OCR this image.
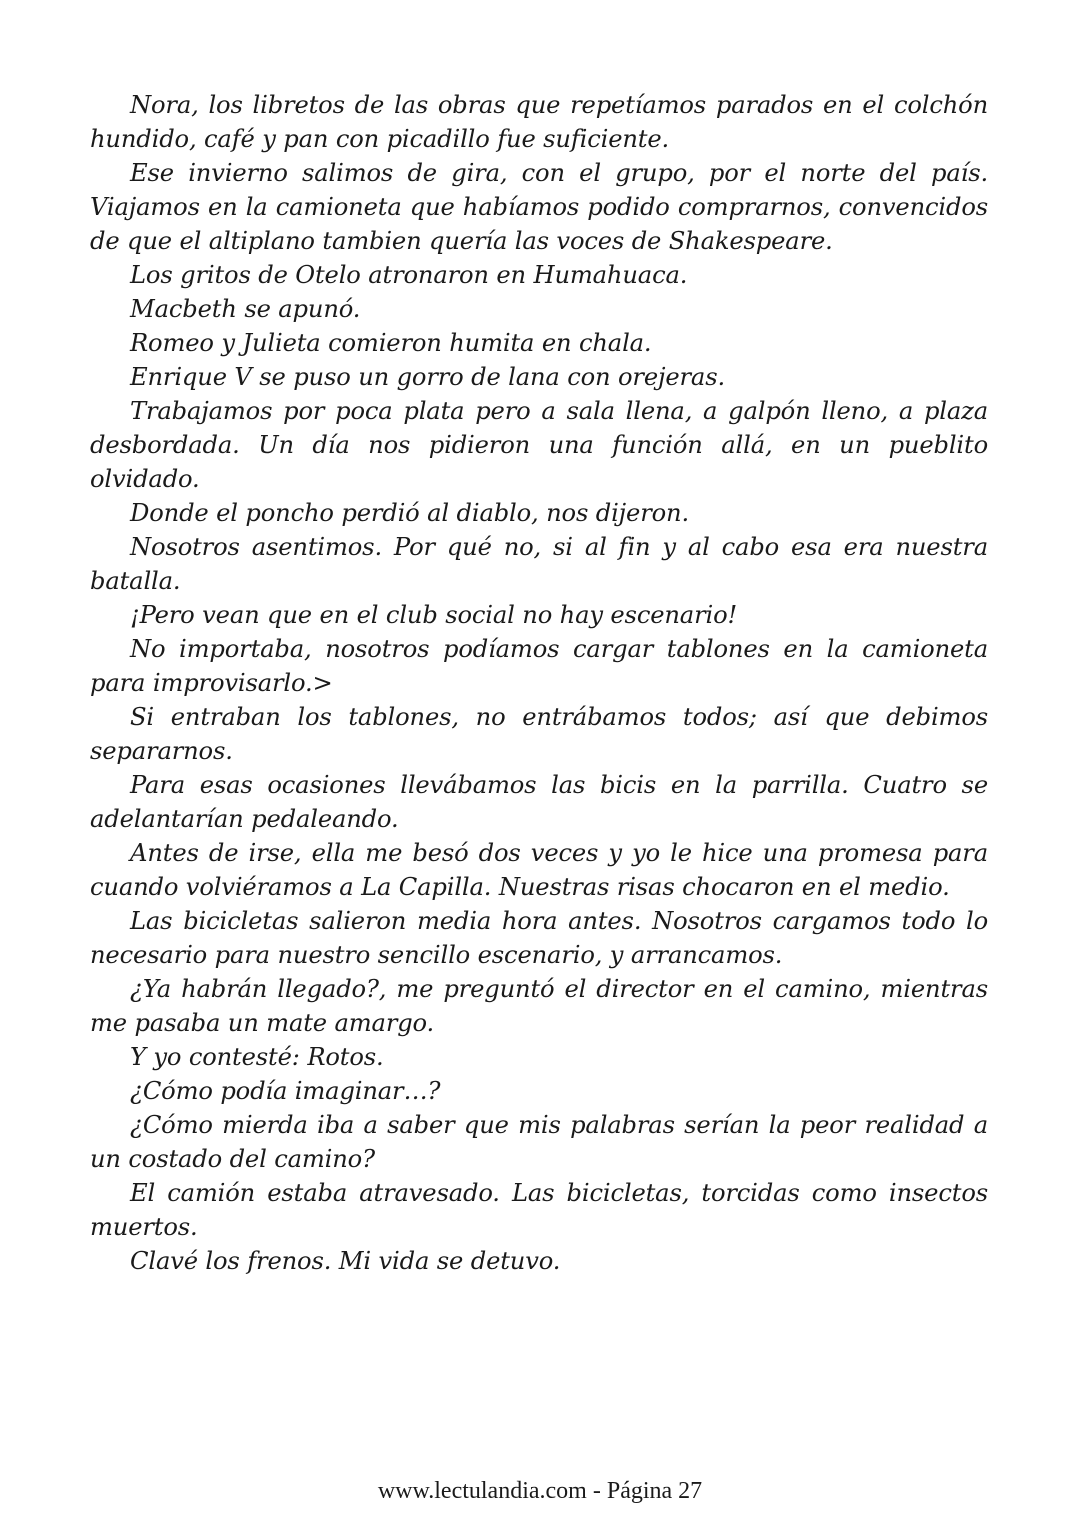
Nora, los libretos de las obras que repetíamos parados en el colchón hundido, café y pan con picadillo fue suficiente.

Ese invierno salimos de gira, con el grupo, por el norte del país. Viajamos en la camioneta que habíamos podido comprarnos, convencidos de que el altiplano tambien quería las voces de Shakespeare.

Los gritos de Otelo atronaron en Humahuaca.

Macbeth se apunó.

Romeo y Julieta comieron humita en chala.

Enrique V se puso un gorro de lana con orejeras.

Trabajamos por poca plata pero a sala llena, a galpón lleno, a plaza desbordada. Un día nos pidieron una función allá, en un pueblito olvidado.

Donde el poncho perdió al diablo, nos dijeron.

Nosotros asentimos. Por qué no, si al fin y al cabo esa era nuestra batalla.

¡Pero vean que en el club social no hay escenario!

No importaba, nosotros podíamos cargar tablones en la camioneta para improvisarlo.>

Si entraban los tablones, no entrábamos todos; así que debimos separarnos.

Para esas ocasiones llevábamos las bicis en la parrilla. Cuatro se adelantarían pedaleando.

Antes de irse, ella me besó dos veces y yo le hice una promesa para cuando volviéramos a La Capilla. Nuestras risas chocaron en el medio.

Las bicicletas salieron media hora antes. Nosotros cargamos todo lo necesario para nuestro sencillo escenario, y arrancamos.

¿Ya habrán llegado?, me preguntó el director en el camino, mientras me pasaba un mate amargo.

Y yo contesté: Rotos.

¿Cómo podía imaginar…?

¿Cómo mierda iba a saber que mis palabras serían la peor realidad a un costado del camino?

El camión estaba atravesado. Las bicicletas, torcidas como insectos muertos.

Clavé los frenos. Mi vida se detuvo.

www.lectulandia.com - Página 27
